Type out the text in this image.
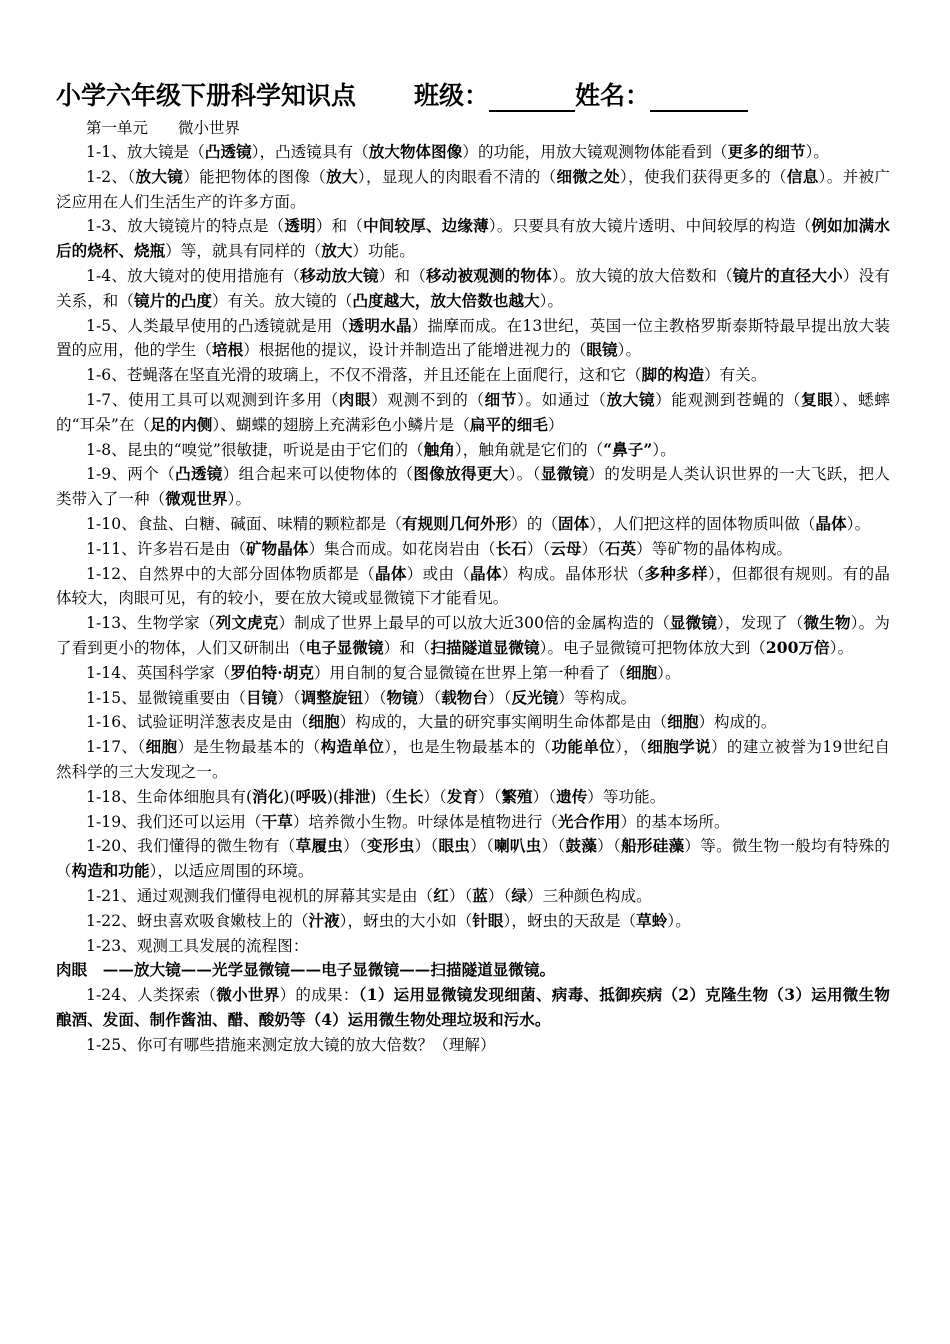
小学六年级下册科学知识点 班级：	姓名：
第一单元 微小世界

1-1、放大镜是（凸透镜），凸透镜具有（放大物体图像）的功能，用放大镜观测物体能看到（更多的细节）。

1-2、（放大镜）能把物体的图像（放大），显现人的肉眼看不清的（细微之处），使我们获得更多的（信息）。并被广泛应用在人们生活生产的许多方面。

1-3、放大镜镜片的特点是（透明）和（中间较厚、边缘薄）。只要具有放大镜片透明、中间较厚的构造（例如加满水后的烧杯、烧瓶）等，就具有同样的（放大）功能。

1-4、放大镜对的使用措施有（移动放大镜）和（移动被观测的物体）。放大镜的放大倍数和（镜片的直径大小）没有关系，和（镜片的凸度）有关。放大镜的（凸度越大，放大倍数也越大）。

1-5、人类最早使用的凸透镜就是用（透明水晶）揣摩而成。在13世纪，英国一位主教格罗斯泰斯特最早提出放大装置的应用，他的学生（培根）根据他的提议，设计并制造出了能增进视力的（眼镜）。

1-6、苍蝇落在坚直光滑的玻璃上，不仅不滑落，并且还能在上面爬行，这和它（脚的构造）有关。

1-7、使用工具可以观测到许多用（肉眼）观测不到的（细节）。如通过（放大镜）能观测到苍蝇的（复眼）、蟋蟀的“耳朵”在（足的内侧）、蝴蝶的翅膀上充满彩色小鳞片是（扁平的细毛）

1-8、昆虫的“嗅觉”很敏捷，听说是由于它们的（触角），触角就是它们的（“鼻子”）。

1-9、两个（凸透镜）组合起来可以使物体的（图像放得更大）。（显微镜）的发明是人类认识世界的一大飞跃，把人类带入了一种（微观世界）。

1-10、食盐、白糖、碱面、味精的颗粒都是（有规则几何外形）的（固体），人们把这样的固体物质叫做（晶体）。

1-11、许多岩石是由（矿物晶体）集合而成。如花岗岩由（长石）（云母）（石英）等矿物的晶体构成。

1-12、自然界中的大部分固体物质都是（晶体）或由（晶体）构成。晶体形状（多种多样），但都很有规则。有的晶体较大，肉眼可见，有的较小，要在放大镜或显微镜下才能看见。

1-13、生物学家（列文虎克）制成了世界上最早的可以放大近300倍的金属构造的（显微镜），发现了（微生物）。为了看到更小的物体，人们又研制出（电子显微镜）和（扫描隧道显微镜）。电子显微镜可把物体放大到（200万倍）。

1-14、英国科学家（罗伯特·胡克）用自制的复合显微镜在世界上第一种看了（细胞）。

1-15、显微镜重要由（目镜）（调整旋钮）（物镜）（载物台）（反光镜）等构成。

1-16、试验证明洋葱表皮是由（细胞）构成的，大量的研究事实阐明生命体都是由（细胞）构成的。

1-17、（细胞）是生物最基本的（构造单位），也是生物最基本的（功能单位），（细胞学说）的建立被誉为19世纪自然科学的三大发现之一。

1-18、生命体细胞具有(消化)(呼吸)(排泄)（生长）（发育）（繁殖）（遗传）等功能。

1-19、我们还可以运用（干草）培养微小生物。叶绿体是植物进行（光合作用）的基本场所。

1-20、我们懂得的微生物有（草履虫）（变形虫）（眼虫）（喇叭虫）（鼓藻）（船形硅藻）等。微生物一般均有特殊的（构造和功能），以适应周围的环境。

1-21、通过观测我们懂得电视机的屏幕其实是由（红）（蓝）（绿）三种颜色构成。

1-22、蚜虫喜欢吸食嫩枝上的（汁液），蚜虫的大小如（针眼），蚜虫的天敌是（草蛉）。

1-23、观测工具发展的流程图：

肉眼　——放大镜——光学显微镜——电子显微镜——扫描隧道显微镜。

1-24、人类探索（微小世界）的成果：（1）运用显微镜发现细菌、病毒、抵御疾病（2）克隆生物（3）运用微生物酿酒、发面、制作酱油、醋、酸奶等（4）运用微生物处理垃圾和污水。

1-25、你可有哪些措施来测定放大镜的放大倍数？（理解）
